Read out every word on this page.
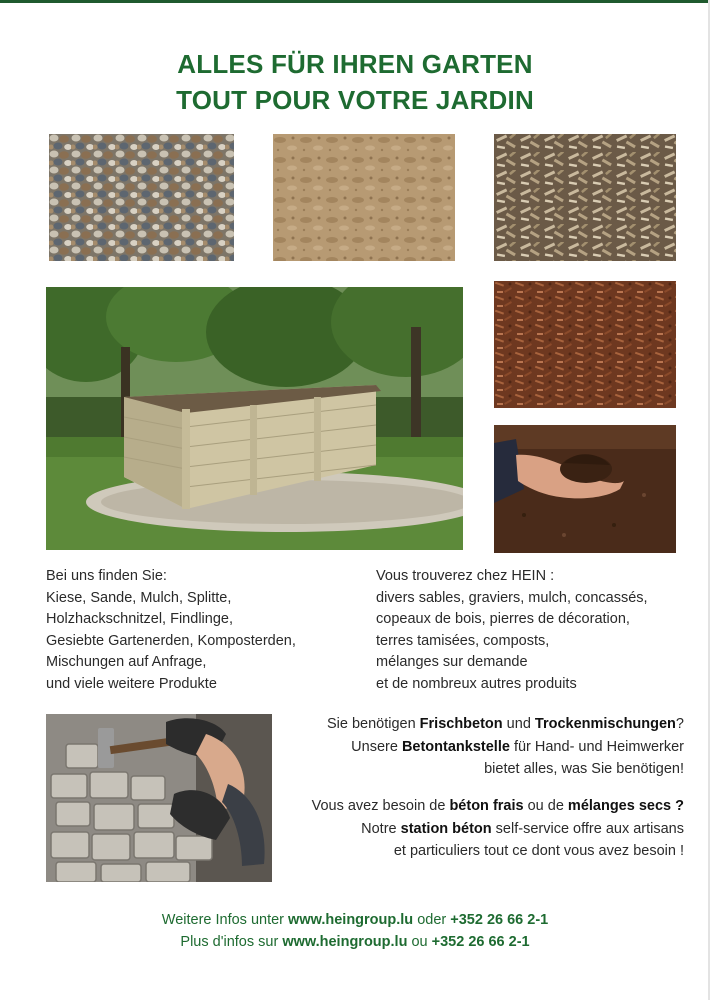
ALLES FÜR IHREN GARTEN
TOUT POUR VOTRE JARDIN
Bei uns finden Sie:
Kiese, Sande, Mulch, Splitte,
Holzhackschnitzel, Findlinge,
Gesiebte Gartenerden, Komposterden,
Mischungen auf Anfrage,
und viele weitere Produkte
Vous trouverez chez HEIN :
divers sables, graviers, mulch, concassés,
copeaux de bois, pierres de décoration,
terres tamisées, composts,
mélanges sur demande
et de nombreux autres produits
Sie benötigen Frischbeton und Trockenmischungen?
Unsere Betontankstelle für Hand- und Heimwerker
bietet alles, was Sie benötigen!
Vous avez besoin de béton frais ou de mélanges secs ?
Notre station béton self-service offre aux artisans
et particuliers tout ce dont vous avez besoin !
Weitere Infos unter www.heingroup.lu oder +352 26 66 2-1
Plus d'infos sur www.heingroup.lu ou +352 26 66 2-1
